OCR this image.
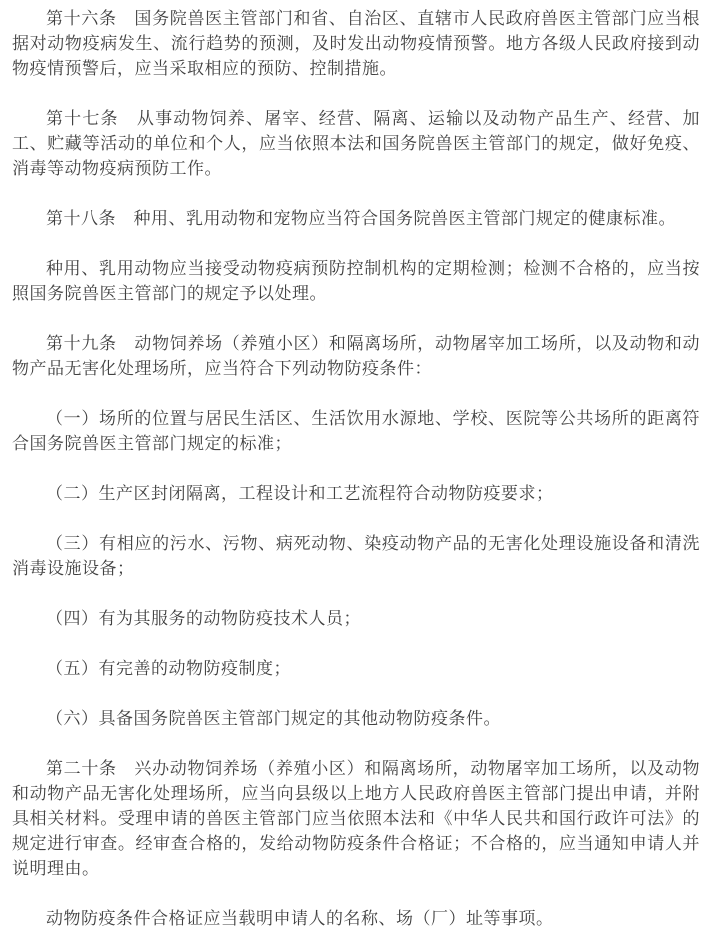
第十六条　国务院兽医主管部门和省、自治区、直辖市人民政府兽医主管部门应当根据对动物疫病发生、流行趋势的预测，及时发出动物疫情预警。地方各级人民政府接到动物疫情预警后，应当采取相应的预防、控制措施。

第十七条　从事动物饲养、屠宰、经营、隔离、运输以及动物产品生产、经营、加工、贮藏等活动的单位和个人，应当依照本法和国务院兽医主管部门的规定，做好免疫、消毒等动物疫病预防工作。

第十八条　种用、乳用动物和宠物应当符合国务院兽医主管部门规定的健康标准。

种用、乳用动物应当接受动物疫病预防控制机构的定期检测；检测不合格的，应当按照国务院兽医主管部门的规定予以处理。

第十九条　动物饲养场（养殖小区）和隔离场所，动物屠宰加工场所，以及动物和动物产品无害化处理场所，应当符合下列动物防疫条件：

（一）场所的位置与居民生活区、生活饮用水源地、学校、医院等公共场所的距离符合国务院兽医主管部门规定的标准；

（二）生产区封闭隔离，工程设计和工艺流程符合动物防疫要求；

（三）有相应的污水、污物、病死动物、染疫动物产品的无害化处理设施设备和清洗消毒设施设备；

（四）有为其服务的动物防疫技术人员；

（五）有完善的动物防疫制度；

（六）具备国务院兽医主管部门规定的其他动物防疫条件。

第二十条　兴办动物饲养场（养殖小区）和隔离场所，动物屠宰加工场所，以及动物和动物产品无害化处理场所，应当向县级以上地方人民政府兽医主管部门提出申请，并附具相关材料。受理申请的兽医主管部门应当依照本法和《中华人民共和国行政许可法》的规定进行审查。经审查合格的，发给动物防疫条件合格证；不合格的，应当通知申请人并说明理由。

动物防疫条件合格证应当载明申请人的名称、场（厂）址等事项。
